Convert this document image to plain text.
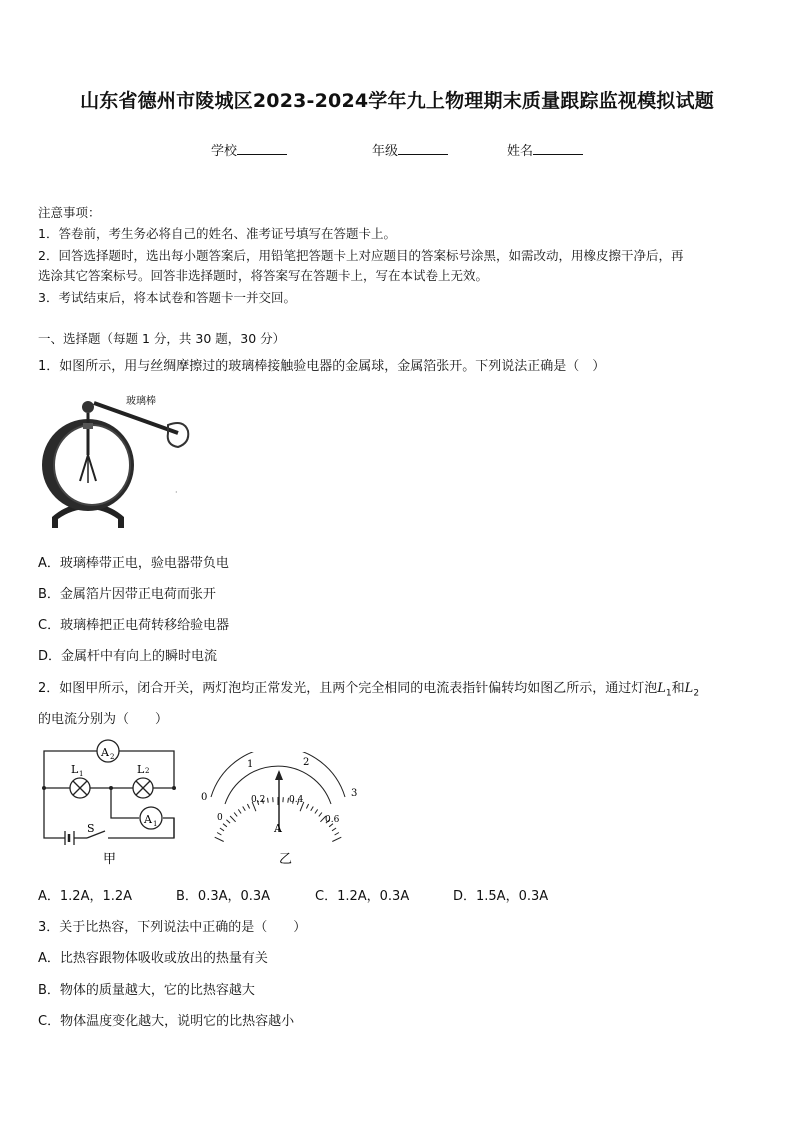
山东省德州市陵城区2023-2024学年九上物理期末质量跟踪监视模拟试题
学校	年级	姓名
注意事项：
1．答卷前，考生务必将自己的姓名、准考证号填写在答题卡上。
2．回答选择题时，选出每小题答案后，用铅笔把答题卡上对应题目的答案标号涂黑，如需改动，用橡皮擦干净后，再
选涂其它答案标号。回答非选择题时，将答案写在答题卡上，写在本试卷上无效。
3．考试结束后，将本试卷和答题卡一并交回。
一、选择题（每题 1 分，共 30 题，30 分）
1．如图所示，用与丝绸摩擦过的玻璃棒接触验电器的金属球，金属箔张开。下列说法正确是（　）
玻璃棒
·
A．玻璃棒带正电，验电器带负电
B．金属箔片因带正电荷而张开
C．玻璃棒把正电荷转移给验电器
D．金属杆中有向上的瞬时电流
2．如图甲所示，闭合开关，两灯泡均正常发光，且两个完全相同的电流表指针偏转均如图乙所示，通过灯泡$L_1$和$L_2$
的电流分别为（　　）
A 2
L 1	L 2
A 1
S
甲
0
1	2
3
0
0.2	0.4
0.6
A
乙
A．1.2A，1.2A	B．0.3A，0.3A	C．1.2A，0.3A	D．1.5A，0.3A
3．关于比热容，下列说法中正确的是（　　）
A．比热容跟物体吸收或放出的热量有关
B．物体的质量越大，它的比热容越大
C．物体温度变化越大，说明它的比热容越小
